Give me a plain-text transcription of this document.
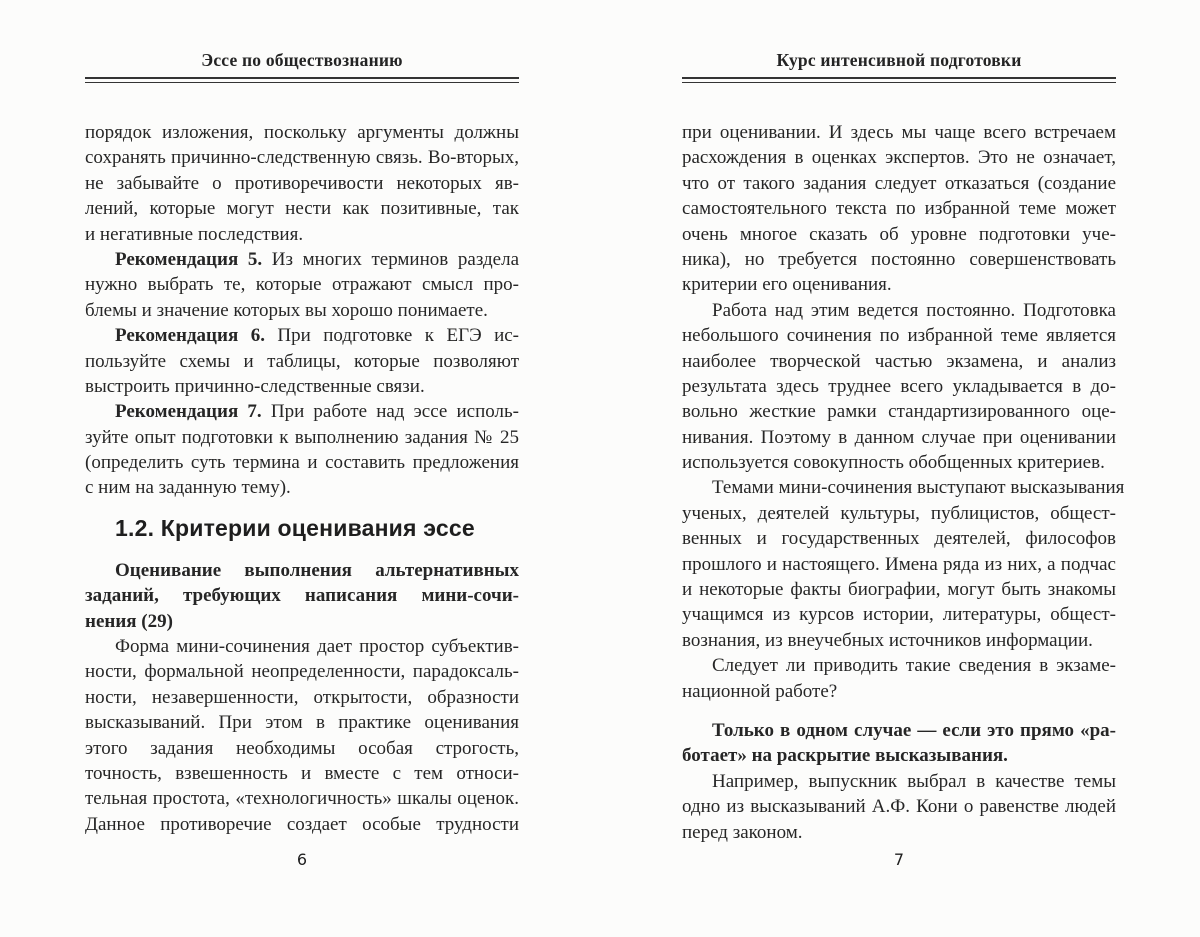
Эссе по обществознанию
порядок изложения, поскольку аргументы должны
сохранять причинно-следственную связь. Во-вторых,
не забывайте о противоречивости некоторых яв-
лений, которые могут нести как позитивные, так
и негативные последствия.
Рекомендация 5. Из многих терминов раздела
нужно выбрать те, которые отражают смысл про-
блемы и значение которых вы хорошо понимаете.
Рекомендация 6. При подготовке к ЕГЭ ис-
пользуйте схемы и таблицы, которые позволяют
выстроить причинно-следственные связи.
Рекомендация 7. При работе над эссе исполь-
зуйте опыт подготовки к выполнению задания № 25
(определить суть термина и составить предложения
с ним на заданную тему).
1.2. Критерии оценивания эссе
Оценивание выполнения альтернативных
заданий, требующих написания мини-сочи-
нения (29)
Форма мини-сочинения дает простор субъектив-
ности, формальной неопределенности, парадоксаль-
ности, незавершенности, открытости, образности
высказываний. При этом в практике оценивания
этого задания необходимы особая строгость,
точность, взвешенность и вместе с тем относи-
тельная простота, «технологичность» шкалы оценок.
Данное противоречие создает особые трудности
6
Курс интенсивной подготовки
при оценивании. И здесь мы чаще всего встречаем
расхождения в оценках экспертов. Это не означает,
что от такого задания следует отказаться (создание
самостоятельного текста по избранной теме может
очень многое сказать об уровне подготовки уче-
ника), но требуется постоянно совершенствовать
критерии его оценивания.
Работа над этим ведется постоянно. Подготовка
небольшого сочинения по избранной теме является
наиболее творческой частью экзамена, и анализ
результата здесь труднее всего укладывается в до-
вольно жесткие рамки стандартизированного оце-
нивания. Поэтому в данном случае при оценивании
используется совокупность обобщенных критериев.
Темами мини-сочинения выступают высказывания
ученых, деятелей культуры, публицистов, общест-
венных и государственных деятелей, философов
прошлого и настоящего. Имена ряда из них, а подчас
и некоторые факты биографии, могут быть знакомы
учащимся из курсов истории, литературы, общест-
вознания, из внеучебных источников информации.
Следует ли приводить такие сведения в экзаме-
национной работе?
Только в одном случае — если это прямо «ра-
ботает» на раскрытие высказывания.
Например, выпускник выбрал в качестве темы
одно из высказываний А.Ф. Кони о равенстве людей
перед законом.
7
